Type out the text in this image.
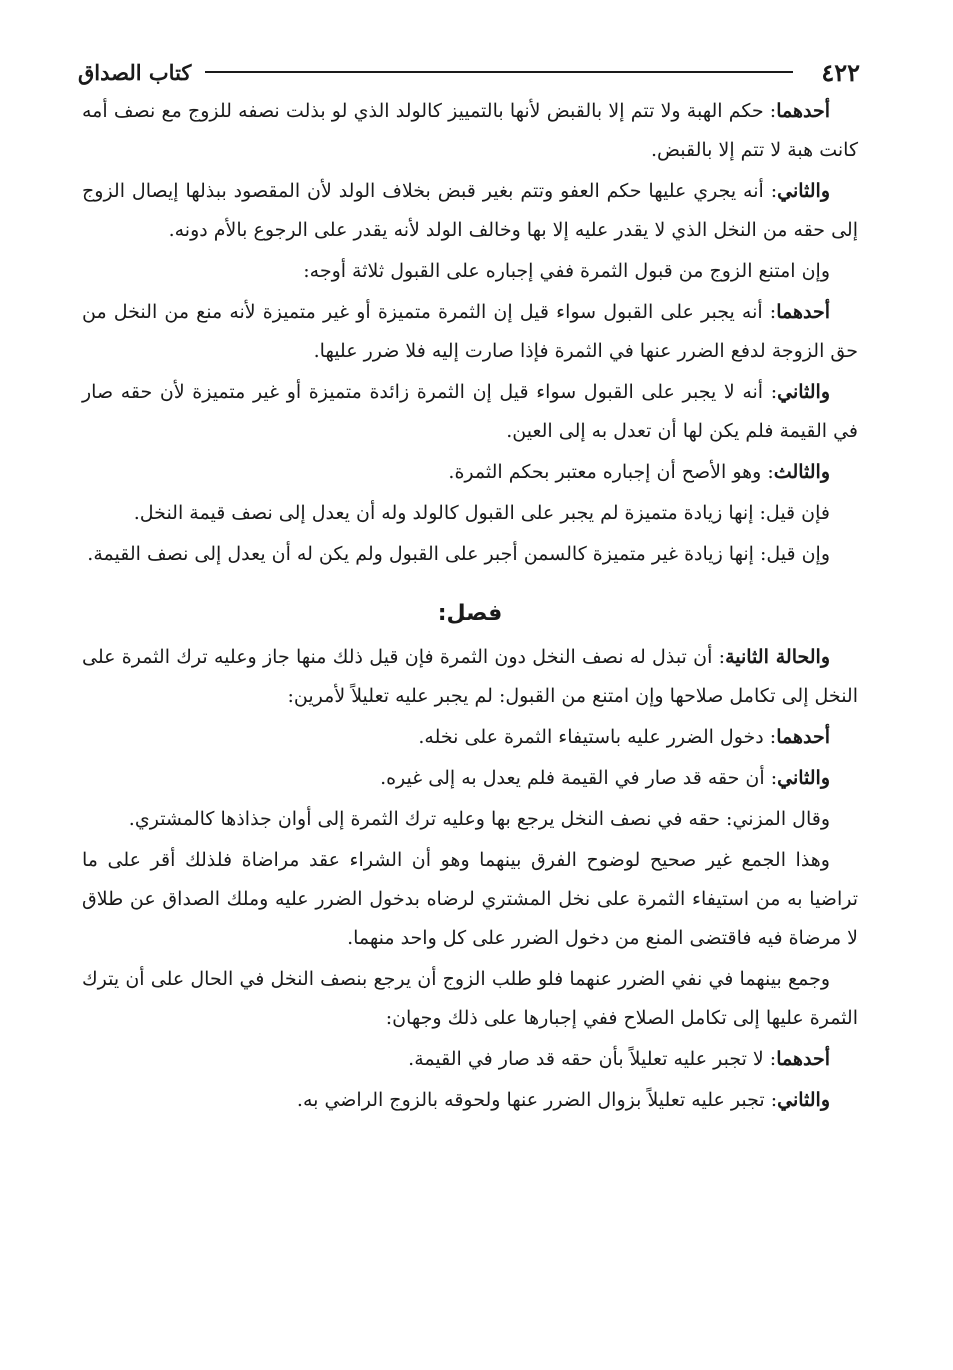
٤٢٢
كتاب الصداق

أحدهما: حكم الهبة ولا تتم إلا بالقبض لأنها بالتمييز كالولد الذي لو بذلت نصفه للزوج مع نصف أمه كانت هبة لا تتم إلا بالقبض.

والثاني: أنه يجري عليها حكم العفو وتتم بغير قبض بخلاف الولد لأن المقصود ببذلها إيصال الزوج إلى حقه من النخل الذي لا يقدر عليه إلا بها وخالف الولد لأنه يقدر على الرجوع بالأم دونه.

وإن امتنع الزوج من قبول الثمرة ففي إجباره على القبول ثلاثة أوجه:

أحدهما: أنه يجبر على القبول سواء قيل إن الثمرة متميزة أو غير متميزة لأنه منع من النخل من حق الزوجة لدفع الضرر عنها في الثمرة فإذا صارت إليه فلا ضرر عليها.

والثاني: أنه لا يجبر على القبول سواء قيل إن الثمرة زائدة متميزة أو غير متميزة لأن حقه صار في القيمة فلم يكن لها أن تعدل به إلى العين.

والثالث: وهو الأصح أن إجباره معتبر بحكم الثمرة.

فإن قيل: إنها زيادة متميزة لم يجبر على القبول كالولد وله أن يعدل إلى نصف قيمة النخل.

وإن قيل: إنها زيادة غير متميزة كالسمن أجبر على القبول ولم يكن له أن يعدل إلى نصف القيمة.

فصل:

والحالة الثانية: أن تبذل له نصف النخل دون الثمرة فإن قيل ذلك منها جاز وعليه ترك الثمرة على النخل إلى تكامل صلاحها وإن امتنع من القبول: لم يجبر عليه تعليلاً لأمرين:

أحدهما: دخول الضرر عليه باستيفاء الثمرة على نخله.

والثاني: أن حقه قد صار في القيمة فلم يعدل به إلى غيره.

وقال المزني: حقه في نصف النخل يرجع بها وعليه ترك الثمرة إلى أوان جذاذها كالمشتري.

وهذا الجمع غير صحيح لوضوح الفرق بينهما وهو أن الشراء عقد مراضاة فلذلك أقر على ما تراضيا به من استيفاء الثمرة على نخل المشتري لرضاه بدخول الضرر عليه وملك الصداق عن طلاق لا مرضاة فيه فاقتضى المنع من دخول الضرر على كل واحد منهما.

وجمع بينهما في نفي الضرر عنهما فلو طلب الزوج أن يرجع بنصف النخل في الحال على أن يترك الثمرة عليها إلى تكامل الصلاح ففي إجبارها على ذلك وجهان:

أحدهما: لا تجبر عليه تعليلاً بأن حقه قد صار في القيمة.

والثاني: تجبر عليه تعليلاً بزوال الضرر عنها ولحوقه بالزوج الراضي به.
